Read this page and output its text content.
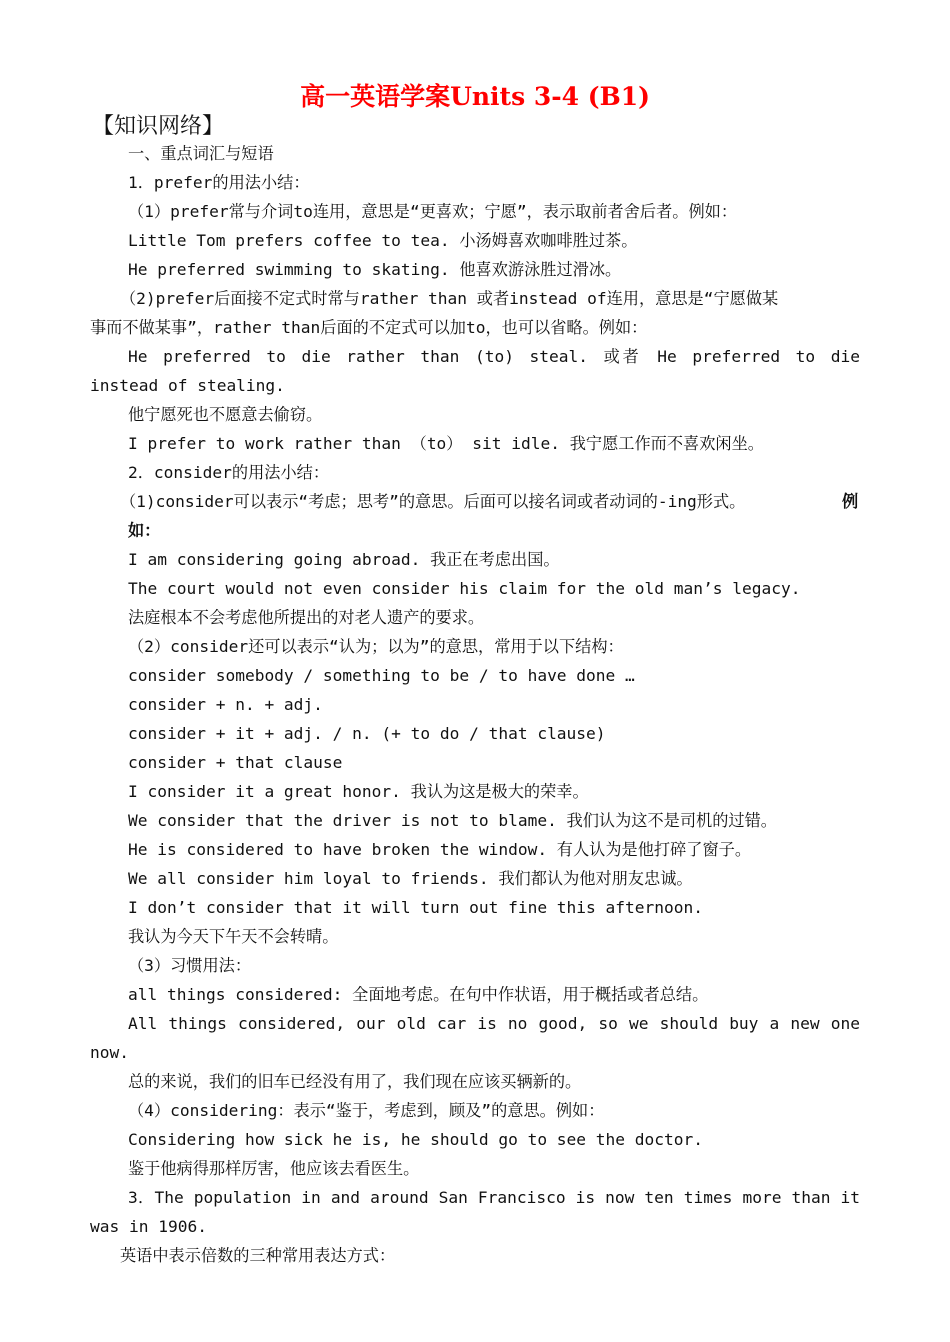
高一英语学案Units 3-4 (B1)
【知识网络】
一、重点词汇与短语
1．prefer的用法小结：
（1）prefer常与介词to连用，意思是“更喜欢；宁愿”，表示取前者舍后者。例如：
Little Tom prefers coffee to tea. 小汤姆喜欢咖啡胜过茶。
He preferred swimming to skating. 他喜欢游泳胜过滑冰。
（2)prefer后面接不定式时常与rather than 或者instead of连用，意思是“宁愿做某
事而不做某事”，rather than后面的不定式可以加to，也可以省略。例如：
He preferred to die rather than (to) steal. 或者 He preferred to die
instead of stealing.
他宁愿死也不愿意去偷窃。
I prefer to work rather than （to） sit idle. 我宁愿工作而不喜欢闲坐。
2．consider的用法小结：
（1)consider可以表示“考虑；思考”的意思。后面可以接名词或者动词的-ing形式。	例
如：
I am considering going abroad. 我正在考虑出国。
The court would not even consider his claim for the old man’s legacy.
法庭根本不会考虑他所提出的对老人遗产的要求。
（2）consider还可以表示“认为；以为”的意思，常用于以下结构：
consider somebody / something to be / to have done …
consider + n. + adj.
consider + it + adj. / n. (+ to do / that clause)
consider + that clause
I consider it a great honor. 我认为这是极大的荣幸。
We consider that the driver is not to blame. 我们认为这不是司机的过错。
He is considered to have broken the window. 有人认为是他打碎了窗子。
We all consider him loyal to friends. 我们都认为他对朋友忠诚。
I don’t consider that it will turn out fine this afternoon.
我认为今天下午天不会转晴。
（3）习惯用法：
all things considered: 全面地考虑。在句中作状语，用于概括或者总结。
All things considered, our old car is no good, so we should buy a new one
now.
总的来说，我们的旧车已经没有用了，我们现在应该买辆新的。
（4）considering：表示“鉴于，考虑到，顾及”的意思。例如：
Considering how sick he is, he should go to see the doctor.
鉴于他病得那样厉害，他应该去看医生。
3．The population in and around San Francisco is now ten times more than it
was in 1906.
英语中表示倍数的三种常用表达方式：
